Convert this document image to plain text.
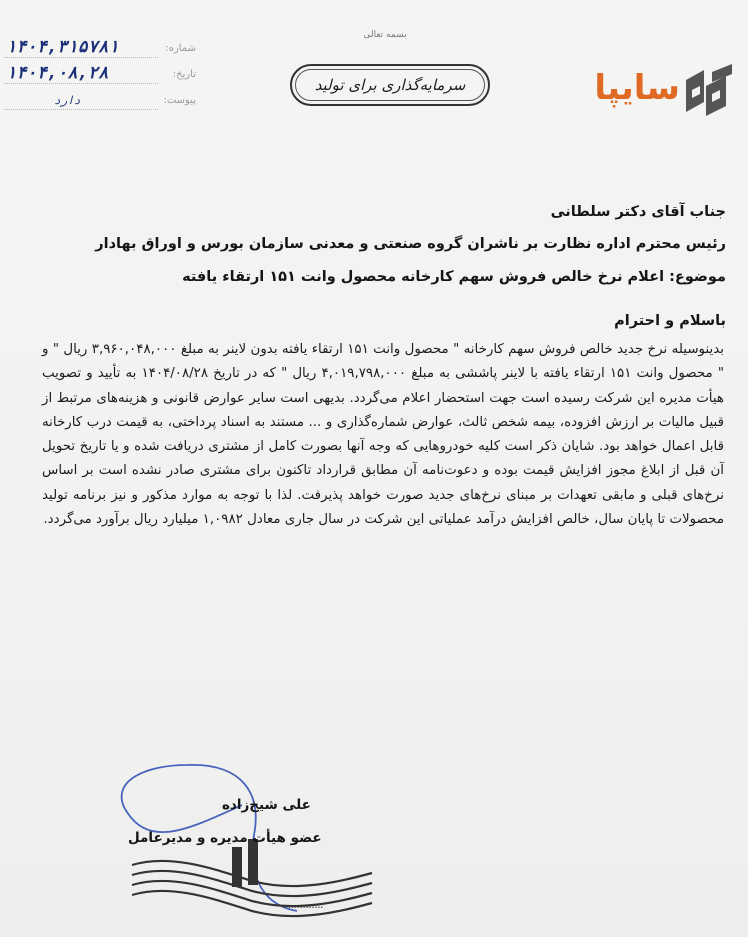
بسمه تعالی
شماره:
۱۴۰۴,۳۱۵۷۸۱
تاریخ:
۱۴۰۴,۰۸,۲۸
پیوست:
دارد
سرمایه‌گذاری برای تولید	سایپا
جناب آقای دکتر سلطانی
رئیس محترم اداره نظارت بر ناشران گروه صنعتی و معدنی سازمان بورس و اوراق بهادار
موضوع: اعلام نرخ خالص فروش سهم کارخانه محصول وانت ۱۵۱ ارتقاء یافته
باسلام و احترام
بدینوسیله نرخ جدید خالص فروش سهم کارخانه " محصول وانت ۱۵۱ ارتقاء یافته بدون لاینر به مبلغ ۳,۹۶۰,۰۴۸,۰۰۰ ریال " و " محصول وانت ۱۵۱ ارتقاء یافته با لاینر پاششی به مبلغ ۴,۰۱۹,۷۹۸,۰۰۰ ریال " که در تاریخ ۱۴۰۴/۰۸/۲۸ به تأیید و تصویب هیأت مدیره این شرکت رسیده است جهت استحضار اعلام می‌گردد. بدیهی است سایر عوارض قانونی و هزینه‌های مرتبط از قبیل مالیات بر ارزش افزوده، بیمه شخص ثالث، عوارض شماره‌گذاری و ... مستند به اسناد پرداختی، به قیمت درب کارخانه قابل اعمال خواهد بود. شایان ذکر است کلیه خودروهایی که وجه آنها بصورت کامل از مشتری دریافت شده و یا تاریخ تحویل آن قبل از ابلاغ مجوز افزایش قیمت بوده و دعوت‌نامه آن مطابق قرارداد تاکنون برای مشتری صادر نشده است بر اساس نرخ‌های قبلی و مابقی تعهدات بر مبنای نرخ‌های جدید صورت خواهد پذیرفت. لذا با توجه به موارد مذکور و نیز برنامه تولید محصولات تا پایان سال، خالص افزایش درآمد عملیاتی این شرکت در سال جاری معادل ۱,۰۹۸۲ میلیارد ریال برآورد می‌گردد.
••••••••••••••
علی شیخ‌زاده
عضو هیأت مدیره و مدیرعامل
